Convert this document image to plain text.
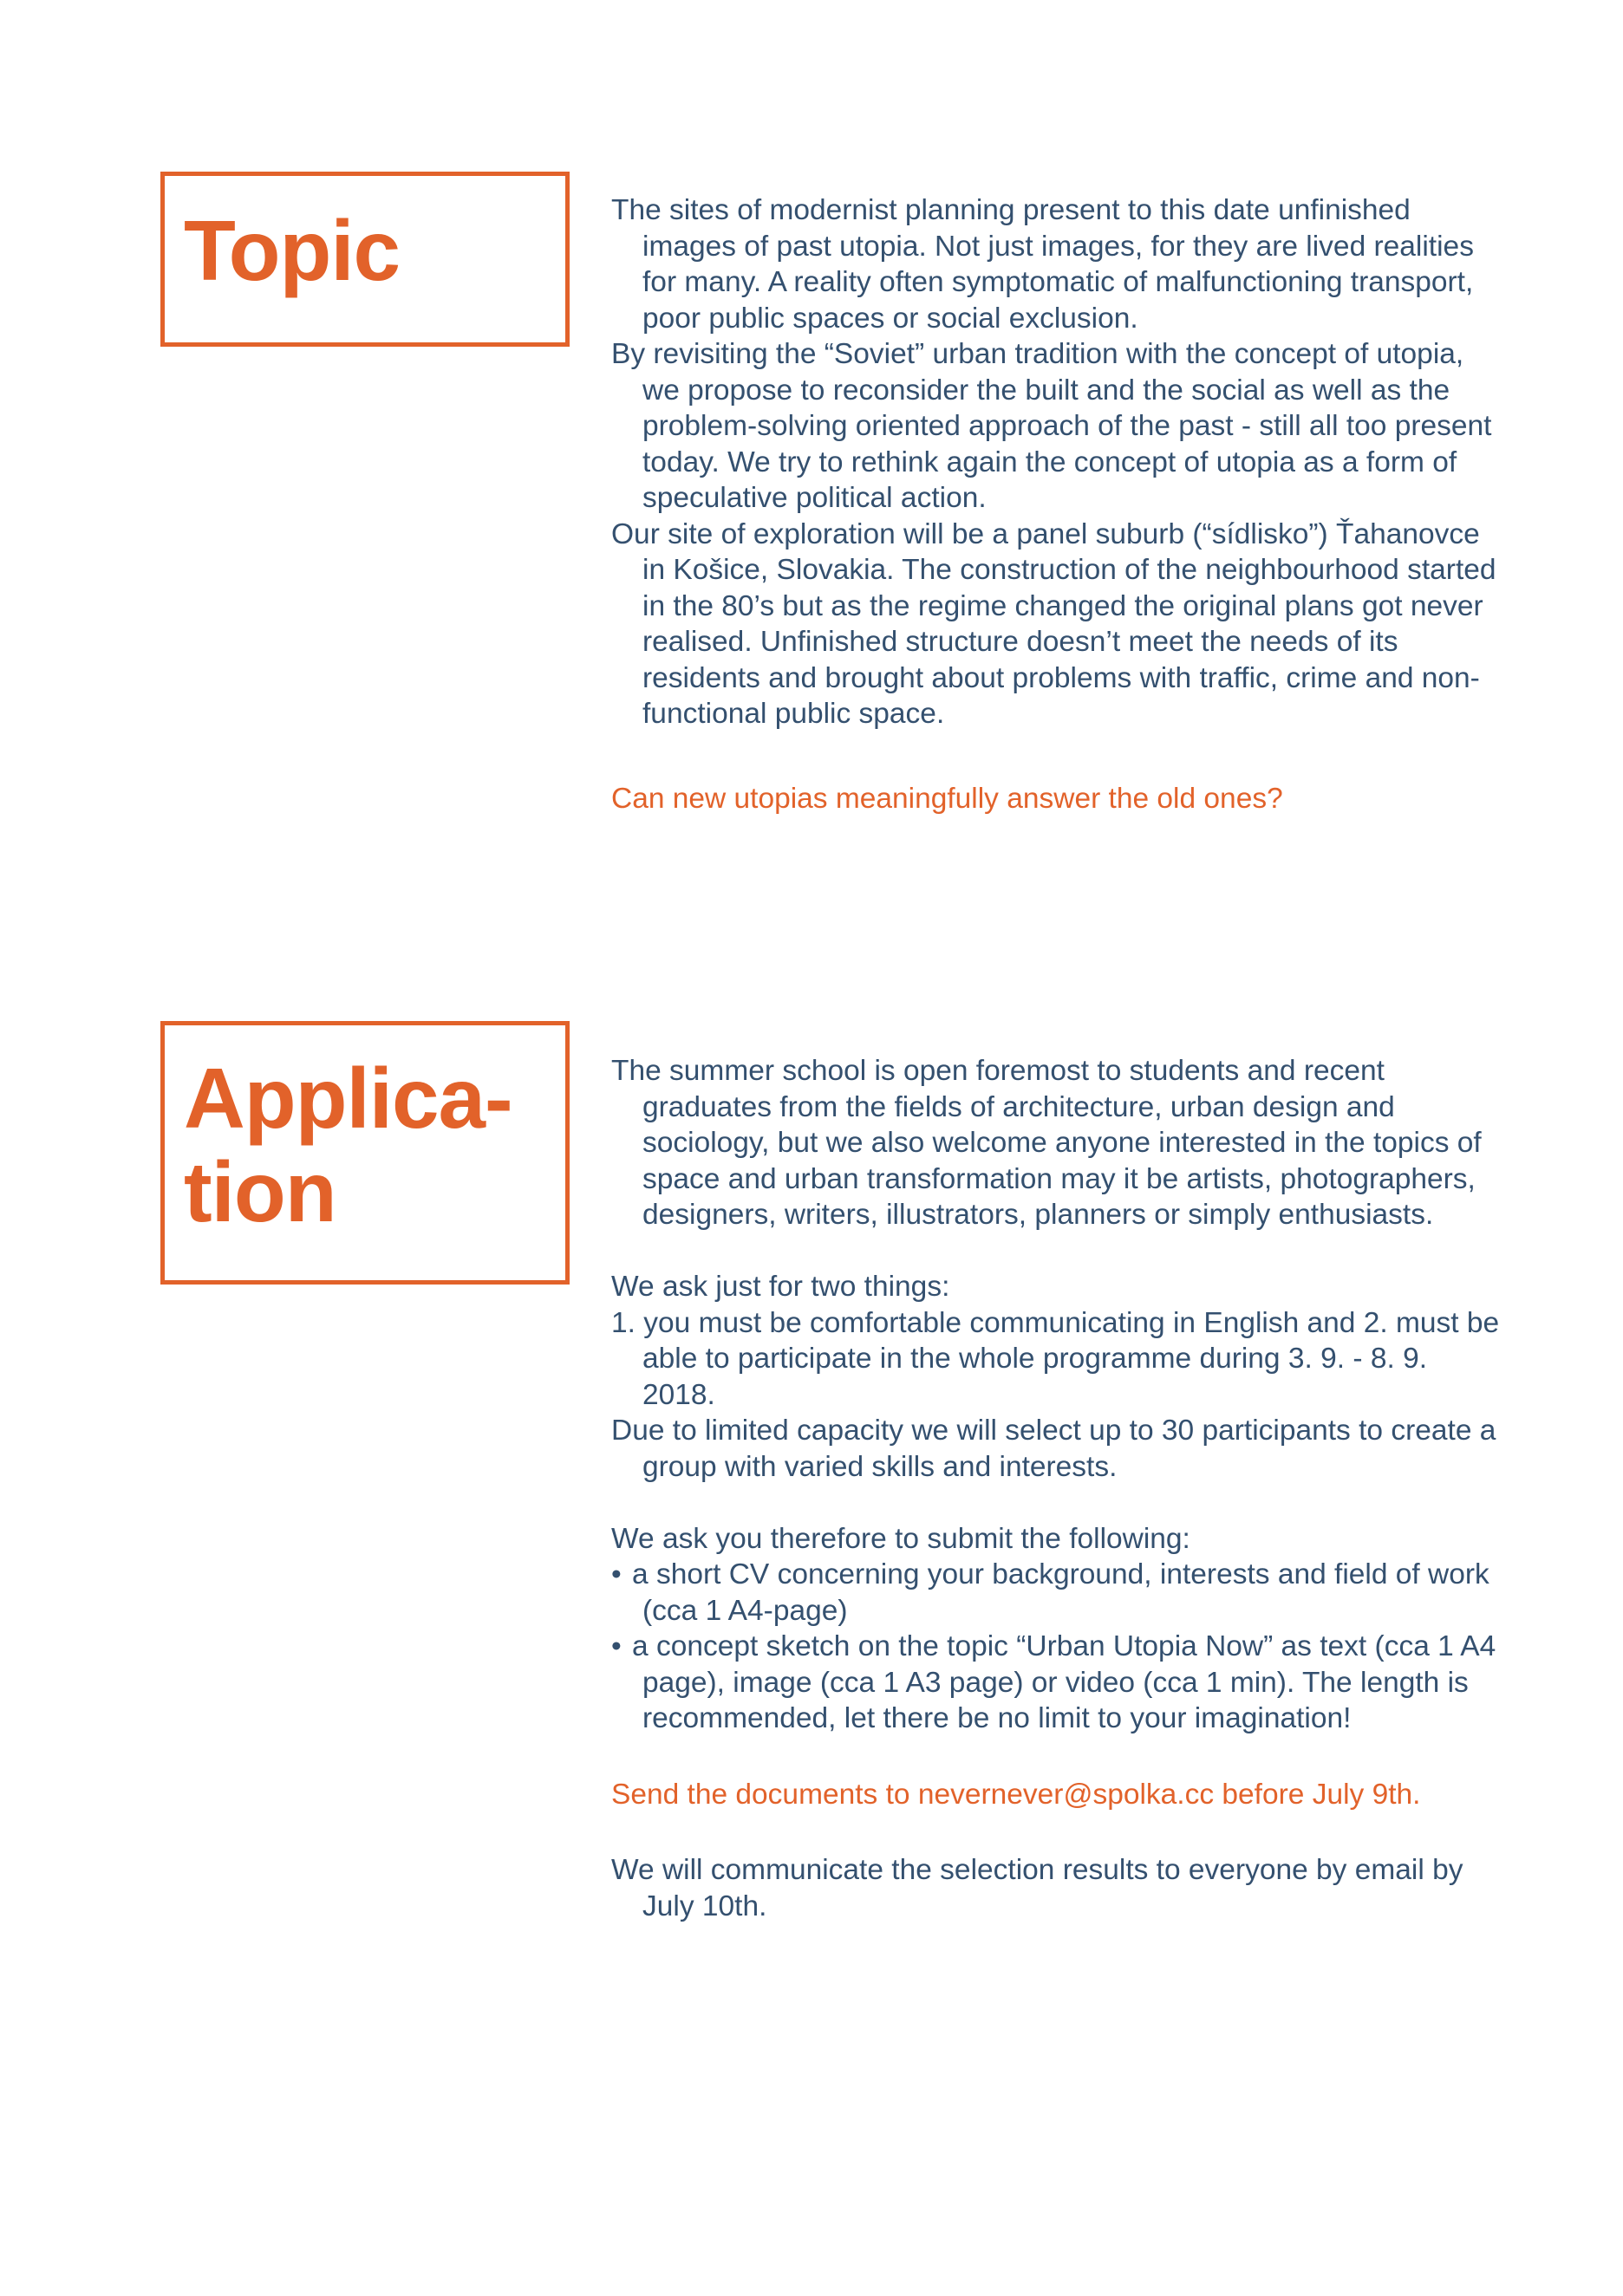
Topic	The sites of modernist planning present to this date unfinished images of past utopia. Not just images, for they are lived realities for many. A reality often symptomatic of malfunctioning transport, poor public spaces or social exclusion.

By revisiting the “Soviet” urban tradition with the concept of utopia, we propose to reconsider the built and the social as well as the problem-solving oriented approach of the past - still all too present today. We try to rethink again the concept of utopia as a form of speculative political action.

Our site of exploration will be a panel suburb (“sídlisko”) Ťahanovce in Košice, Slovakia. The construction of the neighbourhood started in the 80’s but as the regime changed the original plans got never realised. Unfinished structure doesn’t meet the needs of its residents and brought about problems with traffic, crime and non-functional public space.

Can new utopias meaningfully answer the old ones?

Applica-
tion

The summer school is open foremost to students and recent graduates from the fields of architecture, urban design and sociology, but we also welcome anyone interested in the topics of space and urban transformation may it be artists, photographers, designers, writers, illustrators, planners or simply enthusiasts.

We ask just for two things:

1. you must be comfortable communicating in English and 2. must be able to participate in the whole programme during 3. 9. - 8. 9. 2018.

Due to limited capacity we will select up to 30 participants to create a group with varied skills and interests.

We ask you therefore to submit the following:

• a short CV concerning your background, interests and field of work (cca 1 A4-page)

• a concept sketch on the topic “Urban Utopia Now” as text (cca 1 A4 page), image (cca 1 A3 page) or video (cca 1 min). The length is recommended, let there be no limit to your imagination!

Send the documents to nevernever@spolka.cc before July 9th.

We will communicate the selection results to everyone by email by July 10th.
